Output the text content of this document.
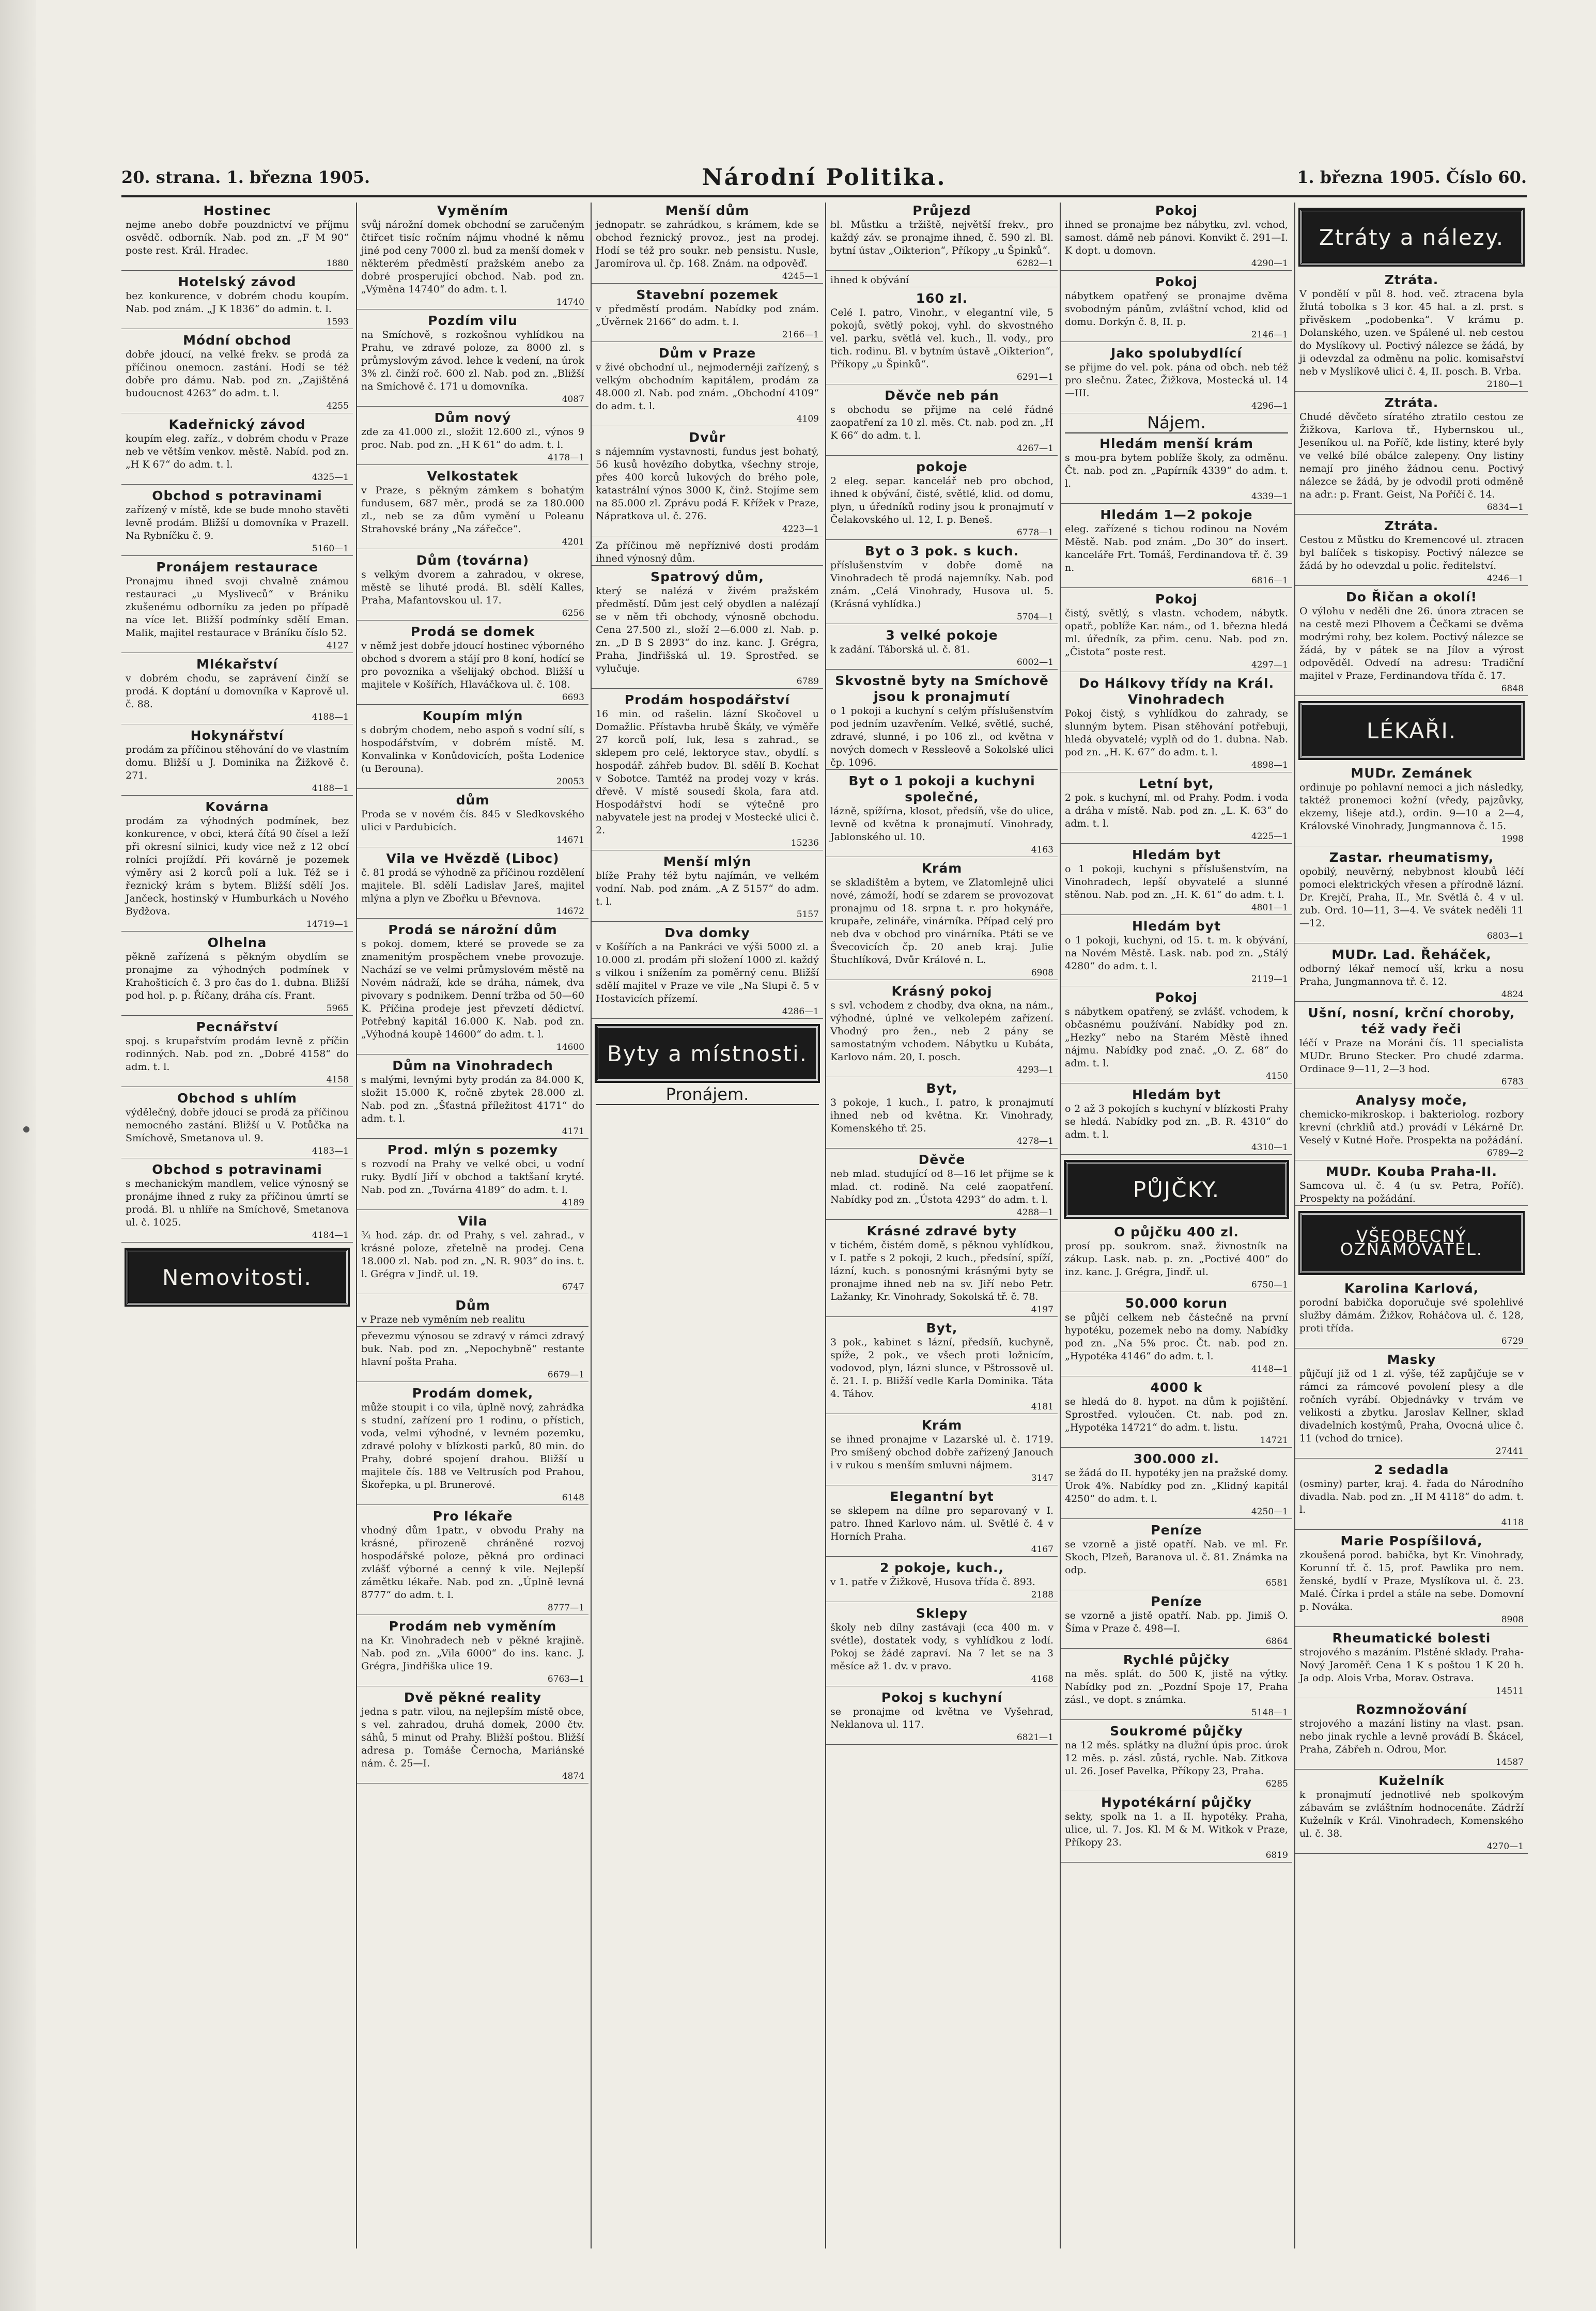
20. strana. 1. března 1905.	Národní Politika.	1. března 1905. Číslo 60.
Hostinec

nejme anebo dobře pouzdnictví ve příjmu osvědč. odborník. Nab. pod zn. „F M 90“ poste rest. Král. Hradec.

1880
Hotelský závod

bez konkurence, v dobrém chodu koupím. Nab. pod znám. „J K 1836“ do admin. t. l.

1593
Módní obchod

dobře jdoucí, na velké frekv. se prodá za příčinou onemocn. zastání. Hodí se též dobře pro dámu. Nab. pod zn. „Zajištěná budoucnost 4263“ do adm. t. l.

4255
Kadeřnický závod

koupím eleg. zaříz., v dobrém chodu v Praze neb ve větším venkov. městě. Nabíd. pod zn. „H K 67“ do adm. t. l.

4325—1
Obchod s potravinami

zařízený v místě, kde se bude mnoho stavěti levně prodám. Bližší u domovníka v Prazell. Na Rybníčku č. 9.

5160—1
Pronájem restaurace

Pronajmu ihned svoji chvalně známou restauraci „u Mysliveců“ v Brániku zkušenému odborníku za jeden po případě na více let. Bližší podmínky sdělí Eman. Malik, majitel restaurace v Bráníku číslo 52.

4127
Mlékařství

v dobrém chodu, se zaprávení činží se prodá. K doptání u domovníka v Kaprově ul. č. 88.

4188—1
Hokynářství

prodám za příčinou stěhování do ve vlastním domu. Bližší u J. Dominika na Žižkově č. 271.

4188—1
Kovárna

prodám za výhodných podmínek, bez konkurence, v obci, která čítá 90 čísel a leží při okresní silnici, kudy vice než z 12 obcí rolníci projíždí. Při kovárně je pozemek výměry asi 2 korců polí a luk. Též se i řeznický krám s bytem. Bližší sdělí Jos. Jančeck, hostinský v Humburkách u Nového Bydžova.

14719—1
Olhelna

pěkně zařízená s pěkným obydlím se pronajme za výhodných podmínek v Krahošticích č. 3 pro čas do 1. dubna. Bližší pod hol. p. p. Říčany, dráha cís. Frant.

5965
Pecnářství

spoj. s krupařstvím prodám levně z příčin rodinných. Nab. pod zn. „Dobré 4158“ do adm. t. l.

4158
Obchod s uhlím

výdělečný, dobře jdoucí se prodá za příčinou nemocného zastání. Bližší u V. Potůčka na Smíchově, Smetanova ul. 9.

4183—1
Obchod s potravinami

s mechanickým mandlem, velice výnosný se pronájme ihned z ruky za příčinou úmrtí se prodá. Bl. u nhlíře na Smíchově, Smetanova ul. č. 1025.

4184—1
Nemovitosti.
Vyměním

svůj nárožní domek obchodní se zaručeným čtiřcet tisíc ročním nájmu vhodné k němu jiné pod ceny 7000 zl. bud za menší domek v některém předměstí pražském anebo za dobré prosperující obchod. Nab. pod zn. „Výměna 14740“ do adm. t. l.

14740
Pozdím vilu

na Smíchově, s rozkošnou vyhlídkou na Prahu, ve zdravé poloze, za 8000 zl. s průmyslovým závod. lehce k vedení, na úrok 3% zl. činží roč. 600 zl. Nab. pod zn. „Bližší na Smíchově č. 171 u domovníka.

4087
Dům nový

zde za 41.000 zl., složit 12.600 zl., výnos 9 proc. Nab. pod zn. „H K 61“ do adm. t. l.

4178—1
Velkostatek

v Praze, s pěkným zámkem s bohatým fundusem, 687 měr., prodá se za 180.000 zl., neb se za dům vymění u Poleanu Strahovské brány „Na zářečce“.

4201
Dům (továrna)

s velkým dvorem a zahradou, v okrese, městě se lihuté prodá. Bl. sdělí Kalles, Praha, Mafantovskou ul. 17.

6256
Prodá se domek

v němž jest dobře jdoucí hostinec výborného obchod s dvorem a stájí pro 8 koní, hodící se pro povoznika a všelijaký obchod. Bližší u majitele v Košířích, Hlaváčkova ul. č. 108.

6693
Koupím mlýn

s dobrým chodem, nebo aspoň s vodní sílí, s hospodářstvím, v dobrém místě. M. Konvalinka v Konůdovicích, pošta Lodenice (u Berouna).

20053
dům

Proda se v novém čís. 845 v Sledkovského ulici v Pardubicích.

14671
Vila ve Hvězdě (Liboc)

č. 81 prodá se výhodně za příčinou rozdělení majitele. Bl. sdělí Ladislav Jareš, majitel mlýna a plyn ve Zbořku u Břevnova.

14672
Prodá se nárožní dům

s pokoj. domem, které se provede se za znamenitým prospěchem vnebe provozuje. Nachází se ve velmi průmyslovém městě na Novém nádraží, kde se dráha, námek, dva pivovary s podnikem. Denní tržba od 50—60 K. Příčina prodeje jest převzetí dědictví. Potřebný kapitál 16.000 K. Nab. pod zn. „Výhodná koupě 14600“ do adm. t. l.

14600
Dům na Vinohradech

s malými, levnými byty prodán za 84.000 K, složit 15.000 K, ročně zbytek 28.000 zl. Nab. pod zn. „Šťastná příležitost 4171“ do adm. t. l.

4171
Prod. mlýn s pozemky

s rozvodí na Prahy ve velké obci, u vodní ruky. Bydlí Jiří v obchod a taktšaní kryté. Nab. pod zn. „Továrna 4189“ do adm. t. l.

4189
Vila

¾ hod. záp. dr. od Prahy, s vel. zahrad., v krásné poloze, zřetelně na prodej. Cena 18.000 zl. Nab. pod zn. „N. R. 903“ do ins. t. l. Grégra v Jindř. ul. 19.

6747
Dům

v Praze neb vyměním neb realitu

převezmu výnosou se zdravý v rámci zdravý buk. Nab. pod zn. „Nepochybně“ restante hlavní pošta Praha.

6679—1
Prodám domek,

může stoupit i co vila, úplně nový, zahrádka s studní, zařízení pro 1 rodinu, o přístich, voda, velmi výhodné, v levném pozemku, zdravé polohy v blízkosti parků, 80 min. do Prahy, dobré spojení drahou. Bližší u majitele čís. 188 ve Veltrusích pod Prahou, Škořepka, u pl. Brunerové.

6148
Pro lékaře

vhodný dům 1patr., v obvodu Prahy na krásné, přirozeně chráněné rozvoj hospodářské poloze, pěkná pro ordinaci zvlášť výborné a cenný k vile. Nejlepší zámětku lékaře. Nab. pod zn. „Úplně levná 8777“ do adm. t. l.

8777—1
Prodám neb vyměním

na Kr. Vinohradech neb v pěkné krajině. Nab. pod zn. „Vila 6000“ do ins. kanc. J. Grégra, Jindřiška ulice 19.

6763—1
Dvě pěkné reality

jedna s patr. vilou, na nejlepším místě obce, s vel. zahradou, druhá domek, 2000 čtv. sáhů, 5 minut od Prahy. Bližší poštou. Bližší adresa p. Tomáše Černocha, Mariánské nám. č. 25—I.

4874
Menší dům

jednopatr. se zahrádkou, s krámem, kde se obchod řeznický provoz., jest na prodej. Hodí se též pro soukr. neb pensistu. Nusle, Jaromírova ul. čp. 168. Znám. na odpověď.

4245—1
Stavební pozemek

v předměstí prodám. Nabídky pod znám. „Úvěrnek 2166“ do adm. t. l.

2166—1
Dům v Praze

v živé obchodní ul., nejmoderněji zařízený, s velkým obchodním kapitálem, prodám za 48.000 zl. Nab. pod znám. „Obchodní 4109“ do adm. t. l.

4109
Dvůr

s nájemním vystavnosti, fundus jest bohatý, 56 kusů hovězího dobytka, všechny stroje, přes 400 korců lukových do brého pole, katastrální výnos 3000 K, činž. Stojíme sem na 85.000 zl. Zprávu podá F. Křížek v Praze, Nápratkova ul. č. 276.

4223—1

Za příčinou mě nepříznivé dosti prodám ihned výnosný dům.

Spatrový dům,

který se nalézá v živém pražském předměstí. Dům jest celý obydlen a nalézají se v něm tři obchody, výnosně obchodu. Cena 27.500 zl., složí 2—6.000 zl. Nab. p. zn. „D B S 2893“ do inz. kanc. J. Grégra, Praha, Jindřišská ul. 19. Sprostřed. se vylučuje.

6789
Prodám hospodářství

16 min. od rašelin. lázní Skočovel u Domažlic. Přístavba hrubě Škály, ve výměře 27 korců polí, luk, lesa s zahrad., se sklepem pro celé, lektoryce stav., obydlí. s hospodář. záhřeb budov. Bl. sdělí B. Kochat v Sobotce. Tamtéž na prodej vozy v krás. dřevě. V místě sousedí škola, fara atd. Hospodářství hodí se výtečně pro nabyvatele jest na prodej v Mostecké ulici č. 2.

15236
Menší mlýn

blíže Prahy též bytu najímán, ve velkém vodní. Nab. pod znám. „A Z 5157“ do adm. t. l.

5157
Dva domky

v Košířích a na Pankráci ve výši 5000 zl. a 10.000 zl. prodám při složení 1000 zl. každý s vilkou i snížením za poměrný cenu. Bližší sdělí majitel v Praze ve vile „Na Slupi č. 5 v Hostavicích přízemí.

4286—1
Byty a místnosti.
Pronájem.
Průjezd

bl. Můstku a tržiště, největší frekv., pro každý záv. se pronajme ihned, č. 590 zl. Bl. bytní ústav „Oikterion“, Příkopy „u Špinků“.

6282—1

ihned k obývání

160 zl.

Celé I. patro, Vinohr., v elegantní vile, 5 pokojů, světlý pokoj, vyhl. do skvostného vel. parku, světlá vel. kuch., ll. vody., pro tich. rodinu. Bl. v bytním ústavě „Oikterion“, Příkopy „u Špinků“.

6291—1
Děvče neb pán

s obchodu se přijme na celé řádné zaopatření za 10 zl. měs. Ct. nab. pod zn. „H K 66“ do adm. t. l.

4267—1
pokoje

2 eleg. separ. kancelář neb pro obchod, ihned k obývání, čisté, světlé, klid. od domu, plyn, u úředníků rodiny jsou k pronajmutí v Čelakovského ul. 12, I. p. Beneš.

6778—1
Byt o 3 pok. s kuch.

příslušenstvím v dobře domě na Vinohradech tě prodá najemníky. Nab. pod znám. „Celá Vinohrady, Husova ul. 5. (Krásná vyhlídka.)

5704—1
3 velké pokoje

k zadání. Táborská ul. č. 81.

6002—1
Skvostně byty na Smíchově jsou k pronajmutí

o 1 pokoji a kuchyní s celým příslušenstvím pod jedním uzavřením. Velké, světlé, suché, zdravé, slunné, i po 106 zl., od května v nových domech v Ressleově a Sokolské ulici čp. 1096.

Byt o 1 pokoji a kuchyni společné,

lázně, spížírna, klosot, předsíň, vše do ulice, levně od května k pronajmutí. Vinohrady, Jablonského ul. 10.

4163
Krám

se skladištěm a bytem, ve Zlatomlejně ulici nové, zámoží, hodí se zdarem se provozovat pronajmu od 18. srpna t. r. pro hokynáře, krupaře, zelináře, vinárníka. Případ celý pro neb dva v obchod pro vinárníka. Ptáti se ve Švecovicích čp. 20 aneb kraj. Julie Štuchlíková, Dvůr Králové n. L.

6908
Krásný pokoj

s svl. vchodem z chodby, dva okna, na nám., výhodné, úplné ve velkolepém zařízení. Vhodný pro žen., neb 2 pány se samostatným vchodem. Nábytku u Kubáta, Karlovo nám. 20, I. posch.

4293—1
Byt,

3 pokoje, 1 kuch., I. patro, k pronajmutí ihned neb od května. Kr. Vinohrady, Komenského tř. 25.

4278—1
Děvče

neb mlad. studující od 8—16 let přijme se k mlad. ct. rodině. Na celé zaopatření. Nabídky pod zn. „Ústota 4293“ do adm. t. l.

4288—1
Krásné zdravé byty

v tichém, čistém domě, s pěknou vyhlídkou, v I. patře s 2 pokoji, 2 kuch., předsíní, spíží, lázní, kuch. s ponosnými krásnými byty se pronajme ihned neb na sv. Jiří nebo Petr. Lažanky, Kr. Vinohrady, Sokolská tř. č. 78.

4197
Byt,

3 pok., kabinet s lázní, předsíň, kuchyně, spíže, 2 pok., ve všech proti ložnicím, vodovod, plyn, lázni slunce, v Pštrossově ul. č. 21. I. p. Bližší vedle Karla Dominika. Táta 4. Táhov.

4181
Krám

se ihned pronajme v Lazarské ul. č. 1719. Pro smíšený obchod dobře zařízený Janouch i v rukou s menším smluvni nájmem.

3147
Elegantní byt

se sklepem na dílne pro separovaný v I. patro. Ihned Karlovo nám. ul. Světlé č. 4 v Horních Praha.

4167
2 pokoje, kuch.,

v 1. patře v Žižkově, Husova třída č. 893.

2188
Sklepy

školy neb dílny zastávaji (cca 400 m. v svétle), dostatek vody, s vyhlídkou z lodí. Pokoj se žádé zapraví. Na 7 let se na 3 měsíce až 1. dv. v pravo.

4168
Pokoj s kuchyní

se pronajme od května ve Vyšehrad, Neklanova ul. 117.

6821—1
Pokoj

ihned se pronajme bez nábytku, zvl. vchod, samost. dámě neb pánovi. Konvikt č. 291—I. K dopt. u domovn.

4290—1
Pokoj

nábytkem opatřený se pronajme dvěma svobodným pánům, zvláštní vchod, klid od domu. Dorkýn č. 8, II. p.

2146—1
Jako spolubydlící

se přijme do vel. pok. pána od obch. neb též pro slečnu. Žatec, Žižkova, Mostecká ul. 14—III.

4296—1
Nájem.
Hledám menší krám

s mou-pra bytem poblíže školy, za odměnu. Čt. nab. pod zn. „Papírník 4339“ do adm. t. l.

4339—1
Hledám 1—2 pokoje

eleg. zařízené s tichou rodinou na Novém Městě. Nab. pod znám. „Do 30“ do insert. kanceláře Frt. Tomáš, Ferdinandova tř. č. 39 n.

6816—1
Pokoj

čistý, světlý, s vlastn. vchodem, nábytk. opatř., poblíže Kar. nám., od 1. března hledá ml. úředník, za přim. cenu. Nab. pod zn. „Čistota“ poste rest.

4297—1
Do Hálkovy třídy na Král. Vinohradech

Pokoj čistý, s vyhlídkou do zahrady, se slunným bytem. Pisan stěhování potřebuji, hledá obyvatelé; vyplň od do 1. dubna. Nab. pod zn. „H. K. 67“ do adm. t. l.

4898—1
Letní byt,

2 pok. s kuchyní, ml. od Prahy. Podm. i voda a dráha v místě. Nab. pod zn. „L. K. 63“ do adm. t. l.

4225—1
Hledám byt

o 1 pokoji, kuchyni s příslušenstvím, na Vinohradech, lepší obyvatelé a slunné stěnou. Nab. pod zn. „H. K. 61“ do adm. t. l.

4801—1
Hledám byt

o 1 pokoji, kuchyni, od 15. t. m. k obývání, na Novém Městě. Lask. nab. pod zn. „Stálý 4280“ do adm. t. l.

2119—1
Pokoj

s nábytkem opatřený, se zvlášť. vchodem, k občasnému používání. Nabídky pod zn. „Hezky“ nebo na Starém Městě ihned nájmu. Nabídky pod znač. „O. Z. 68“ do adm. t. l.

4150
Hledám byt

o 2 až 3 pokojích s kuchyní v blízkosti Prahy se hledá. Nabídky pod zn. „B. R. 4310“ do adm. t. l.

4310—1
PŮJČKY.
O půjčku 400 zl.

prosí pp. soukrom. snaž. živnostník na zákup. Lask. nab. p. zn. „Poctivé 400“ do inz. kanc. J. Grégra, Jindř. ul.

6750—1
50.000 korun

se půjčí celkem neb částečně na první hypotéku, pozemek nebo na domy. Nabídky pod zn. „Na 5% proc. Čt. nab. pod zn. „Hypotéka 4146“ do adm. t. l.

4148—1
4000 k

se hledá do 8. hypot. na dům k pojištění. Sprostřed. vyloučen. Ct. nab. pod zn. „Hypotéka 14721“ do adm. t. listu.

14721
300.000 zl.

se žádá do II. hypotéky jen na pražské domy. Úrok 4%. Nabídky pod zn. „Klidný kapitál 4250“ do adm. t. l.

4250—1
Peníze

se vzorně a jistě opatří. Nab. ve ml. Fr. Skoch, Plzeň, Baranova ul. č. 81. Známka na odp.

6581
Peníze

se vzorně a jistě opatří. Nab. pp. Jimiš O. Šíma v Praze č. 498—I.

6864
Rychlé půjčky

na měs. splát. do 500 K, jistě na výtky. Nabídky pod zn. „Pozdní Spoje 17, Praha zásl., ve dopt. s známka.

5148—1
Soukromé půjčky

na 12 měs. splátky na dlužní úpis proc. úrok 12 měs. p. zásl. zůstá, rychle. Nab. Zitkova ul. 26. Josef Pavelka, Příkopy 23, Praha.

6285
Hypotékární půjčky

sekty, spolk na 1. a II. hypotéky. Praha, ulice, ul. 7. Jos. Kl. M & M. Witkok v Praze, Příkopy 23.

6819
Ztráty a nálezy.
Ztráta.

V pondělí v půl 8. hod. več. ztracena byla žlutá tobolka s 3 kor. 45 hal. a zl. prst. s přivěskem „podobenka“. V krámu p. Dolanského, uzen. ve Spálené ul. neb cestou do Myslíkovy ul. Poctivý nálezce se žádá, by ji odevzdal za odměnu na polic. komisařství neb v Myslíkově ulici č. 4, II. posch. B. Vrba.

2180—1
Ztráta.

Chudé děvčeto síratého ztratilo cestou ze Žižkova, Karlova tř., Hybernskou ul., Jeseníkou ul. na Poříč, kde listiny, které byly ve velké bílé obálce zalepeny. Ony listiny nemají pro jiného žádnou cenu. Poctivý nálezce se žádá, by je odvodil proti odměně na adr.: p. Frant. Geist, Na Poříčí č. 14.

6834—1
Ztráta.

Cestou z Můstku do Kremencové ul. ztracen byl balíček s tiskopisy. Poctivý nálezce se žádá by ho odevzdal u polic. ředitelství.

4246—1
Do Řičan a okolí!

O výlohu v neděli dne 26. února ztracen se na cestě mezi Plhovem a Čečkami se dvěma modrými rohy, bez kolem. Poctivý nálezce se žádá, by v pátek se na Jílov a výrost odpověděl. Odvedí na adresu: Tradiční majitel v Praze, Ferdinandova třída č. 17.

6848
LÉKAŘI.
MUDr. Zemánek

ordinuje po pohlavní nemoci a jich následky, taktéž pronemoci kožní (vředy, pajzůvky, ekzemy, lišeje atd.), ordin. 9—10 a 2—4, Královské Vinohrady, Jungmannova č. 15.

1998
Zastar. rheumatismy,

opobilý, neuvěrný, nebybnost kloubů léčí pomoci elektrických vřesen a přírodně lázní. Dr. Krejčí, Praha, II., Mr. Světlá č. 4 v ul. zub. Ord. 10—11, 3—4. Ve svátek neděli 11—12.

6803—1
MUDr. Lad. Řeháček,

odborný lékař nemocí uší, krku a nosu Praha, Jungmannova tř. č. 12.

4824
Ušní, nosní, krční choroby, též vady řeči

léčí v Praze na Moráni čís. 11 specialista MUDr. Bruno Stecker. Pro chudé zdarma. Ordinace 9—11, 2—3 hod.

6783
Analysy moče,

chemicko-mikroskop. i bakteriolog. rozbory krevní (chrkliů atd.) provádí v Lékárně Dr. Veselý v Kutné Hoře. Prospekta na požádání.

6789—2
MUDr. Kouba Praha-II.

Samcova ul. č. 4 (u sv. Petra, Poříč). Prospekty na požádání.

VŠEOBECNÝ OZNAMOVATEL.
Karolina Karlová,

porodní babička doporučuje své spolehlivé služby dámám. Žižkov, Roháčova ul. č. 128, proti třída.

6729
Masky

půjčují již od 1 zl. výše, též zapůjčuje se v rámci za rámcové povolení plesy a dle ročních vyrábí. Objednávky v trvám ve velikosti a zbytku. Jaroslav Kellner, sklad divadelních kostýmů, Praha, Ovocná ulice č. 11 (vchod do trnice).

27441
2 sedadla

(osminy) parter, kraj. 4. řada do Národního divadla. Nab. pod zn. „H M 4118“ do adm. t. l.

4118
Marie Pospíšilová,

zkoušená porod. babička, byt Kr. Vinohrady, Korunní tř. č. 15, prof. Pawlika pro nem. ženské, bydlí v Praze, Myslíkova ul. č. 23. Malé. Čírka i prdel a stále na sebe. Domovní p. Nováka.

8908
Rheumatické bolesti

strojového s mazáním. Plstěné sklady. Praha-Nový Jaroměř. Cena 1 K s poštou 1 K 20 h. Ja odp. Alois Vrba, Morav. Ostrava.

14511
Rozmnožování

strojového a mazání listiny na vlast. psan. nebo jinak rychle a levně provádí B. Škácel, Praha, Zábřeh n. Odrou, Mor.

14587
Kuželník

k pronajmutí jednotlivé neb spolkovým zábavám se zvláštním hodnocenáte. Zádrží Kuželník v Král. Vinohradech, Komenského ul. č. 38.

4270—1
